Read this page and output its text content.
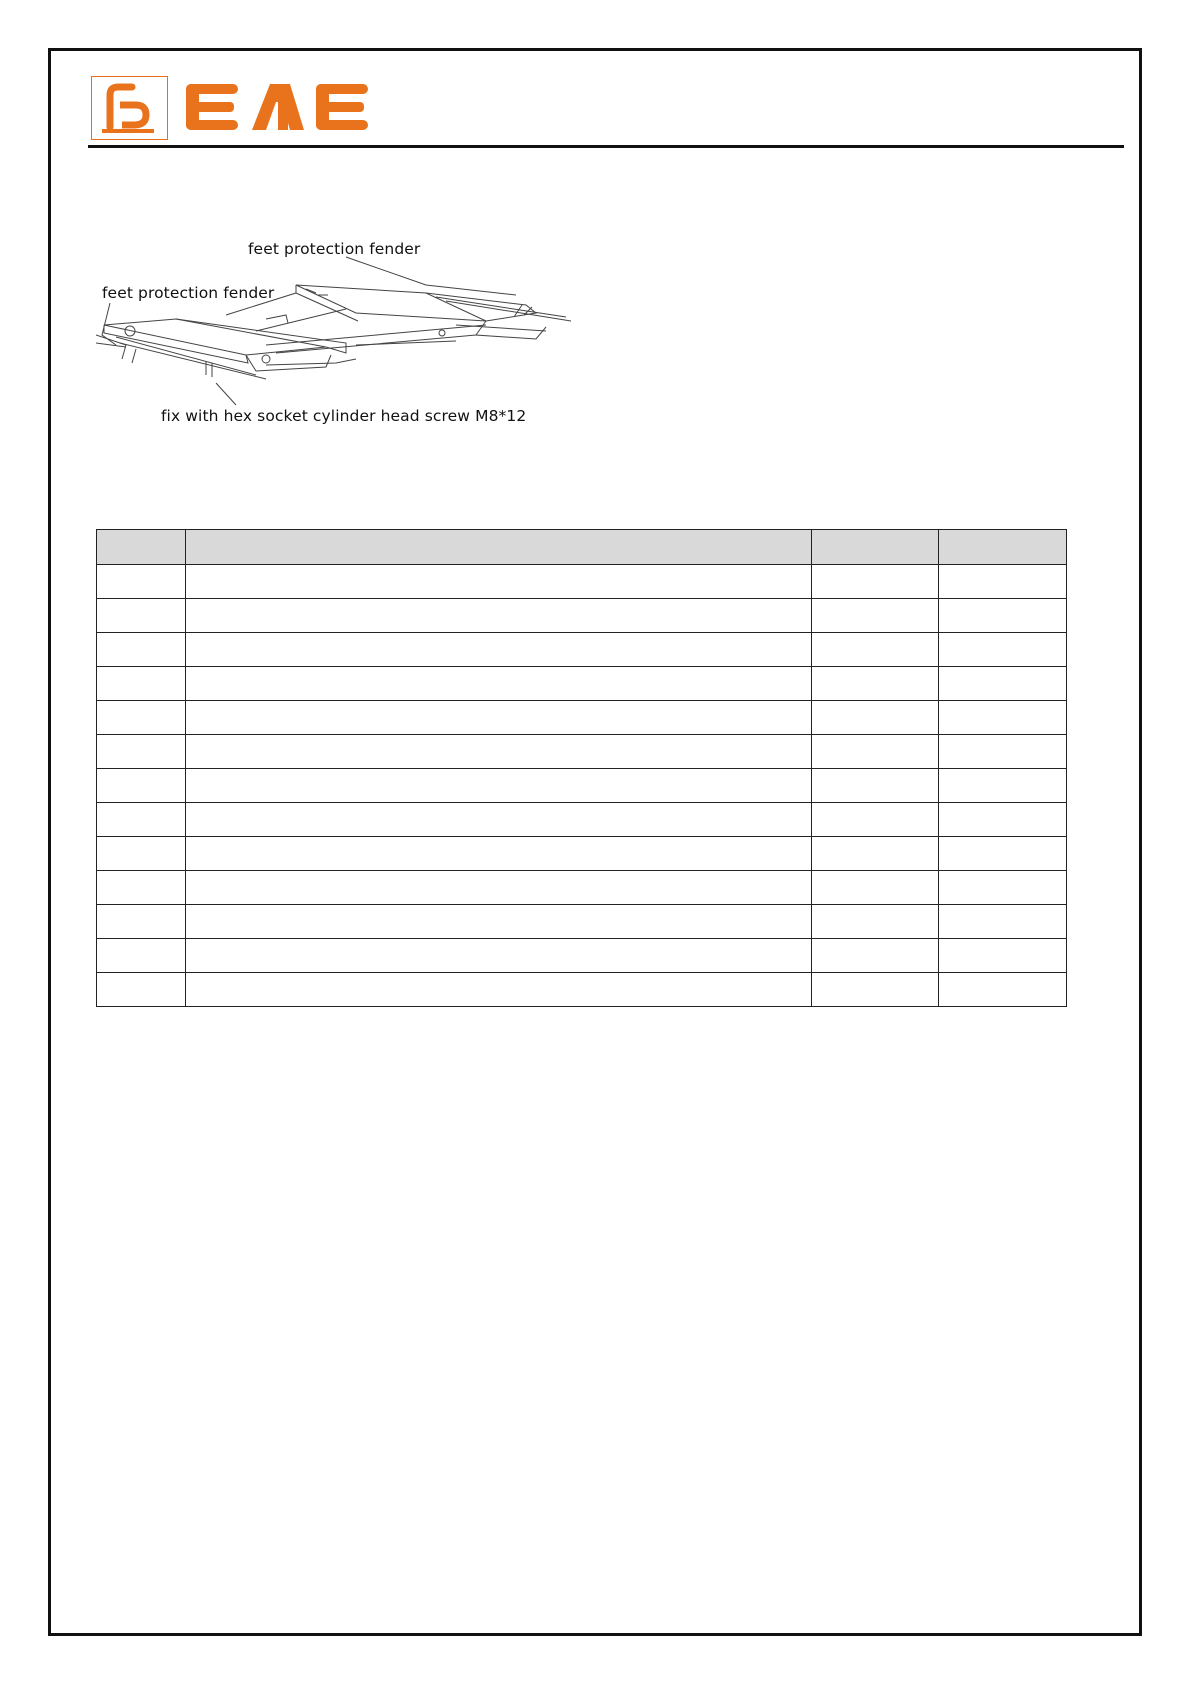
feet protection fender
feet protection fender
fix with hex socket cylinder head screw M8*12
